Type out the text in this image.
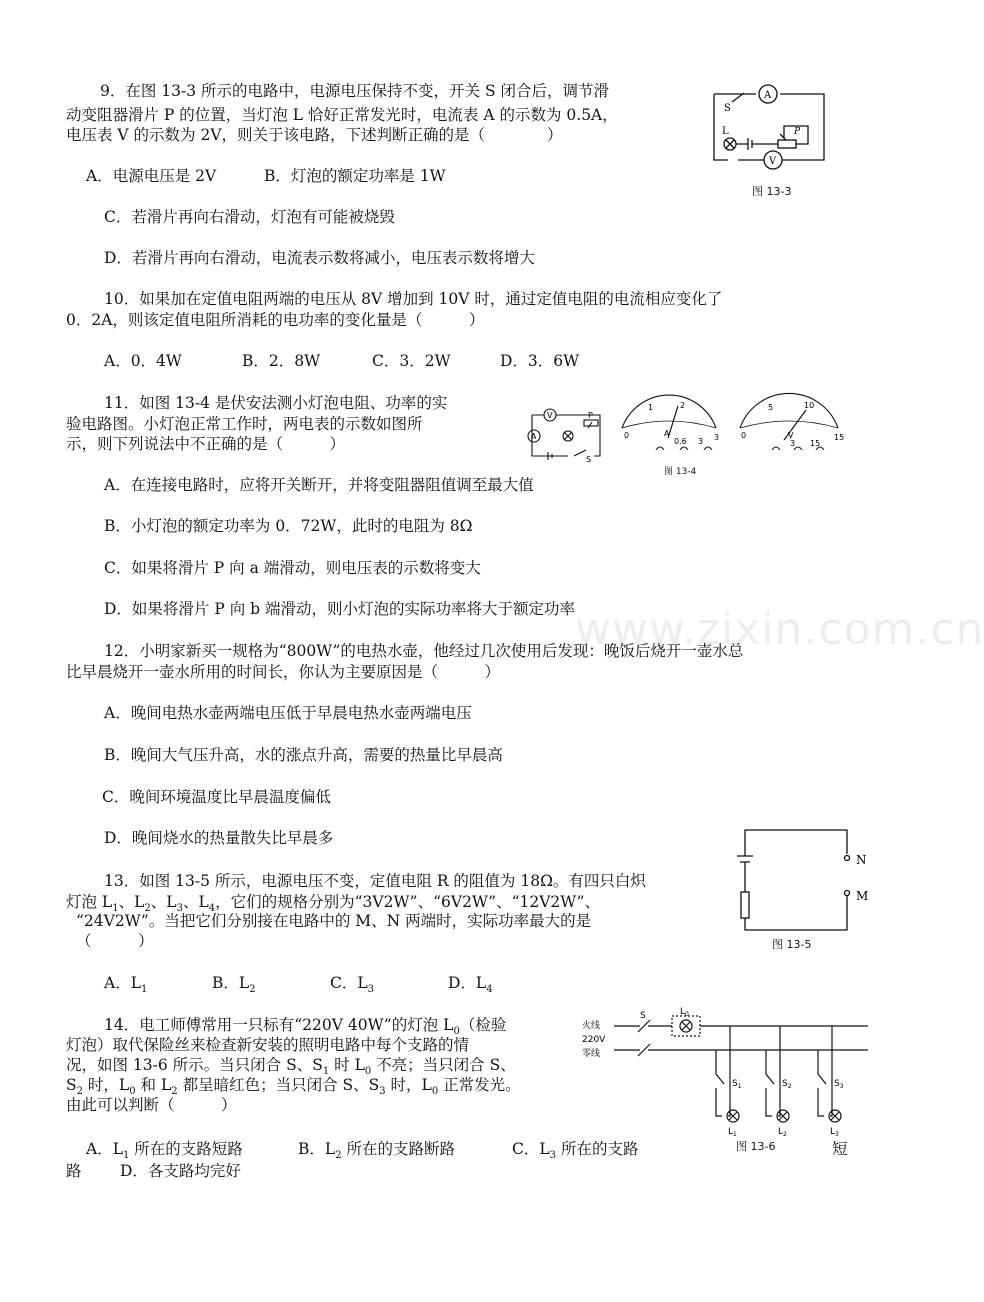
www.zixin.com.cn
9．在图 13-3 所示的电路中，电源电压保持不变，开关 S 闭合后，调节滑
动变阻器滑片 P 的位置，当灯泡 L 恰好正常发光时，电流表 A 的示数为 0.5A，
电压表 V 的示数为 2V，则关于该电路，下述判断正确的是（　　　　）
A．电源电压是 2V	B．灯泡的额定功率是 1W
C．若滑片再向右滑动，灯泡有可能被烧毁
D．若滑片再向右滑动，电流表示数将减小，电压表示数将增大
S
A
L	P
V
图 13-3
10．如果加在定值电阻两端的电压从 8V 增加到 10V 时，通过定值电阻的电流相应变化了
0．2A，则该定值电阻所消耗的电功率的变化量是（　　　）
A．0．4W	B．2．8W	C．3．2W	D．3．6W
11．如图 13-4 是伏安法测小灯泡电阻、功率的实
验电路图。小灯泡正常工作时，两电表的示数如图所
示，则下列说法中不正确的是（　　　）
V
A
P
S
0
1	2
3
A
0.6 3
0
5	10
15
V
3 15
图 13-4
A．在连接电路时，应将开关断开，并将变阻器阻值调至最大值
B．小灯泡的额定功率为 0．72W，此时的电阻为 8Ω
C．如果将滑片 P 向 a 端滑动，则电压表的示数将变大
D．如果将滑片 P 向 b 端滑动，则小灯泡的实际功率将大于额定功率
12．小明家新买一规格为“800W”的电热水壶，他经过几次使用后发现：晚饭后烧开一壶水总
比早晨烧开一壶水所用的时间长，你认为主要原因是（　　　）
A．晚间电热水壶两端电压低于早晨电热水壶两端电压
B．晚间大气压升高，水的涨点升高，需要的热量比早晨高
C．晚间环境温度比早晨温度偏低
D．晚间烧水的热量散失比早晨多
N
M
图 13-5
13．如图 13-5 所示，电源电压不变，定值电阻 R 的阻值为 18Ω。有四只白炽
灯泡 $L_1$、$L_2$、$L_3$、$L_4$，它们的规格分别为“3V2W”、“6V2W”、“12V2W”、
“24V2W”。当把它们分别接在电路中的 M、N 两端时，实际功率最大的是
（　　　）
A．$L_1$	B．$L_2$	C．$L_3$	D．$L_4$
14．电工师傅常用一只标有“220V 40W”的灯泡 $L_0$（检验
灯泡）取代保险丝来检查新安装的照明电路中每个支路的情
况，如图 13-6 所示。当只闭合 S、$S_1$ 时 $L_0$ 不亮；当只闭合 S、
$S_2$ 时，$L_0$ 和 $L_2$ 都呈暗红色；当只闭合 S、$S_3$ 时，$L_0$ 正常发光。
由此可以判断（　　　）
火线
220V
零线
S	$L_0$
$S_1$	$S_2$	$S_3$
$L_1$	$L_2$	$L_3$
图 13-6
A．$L_1$ 所在的支路短路	B．$L_2$ 所在的支路断路	C．$L_3$ 所在的支路	短
路 D．各支路均完好
